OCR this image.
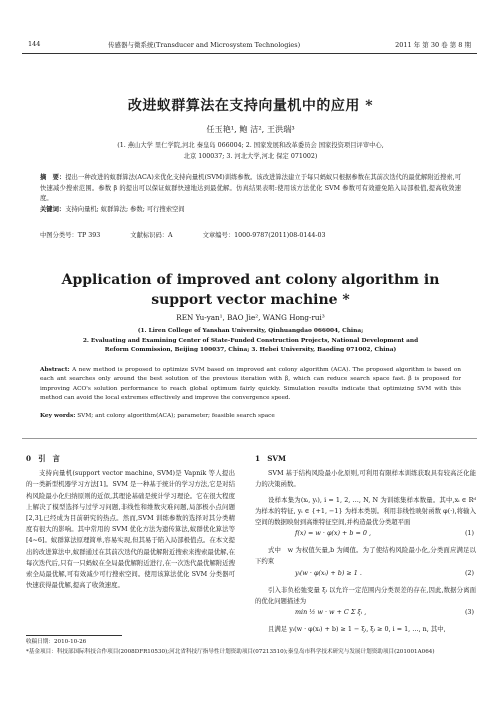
144	传感器与微系统(Transducer and Microsystem Technologies)	2011 年 第 30 卷 第 8 期
改进蚁群算法在支持向量机中的应用 *
任玉艳¹, 鲍 洁², 王洪瑞³
(1. 燕山大学 里仁学院,河北 秦皇岛 066004; 2. 国家发展和改革委员会 国家投资项目评审中心,
北京 100037; 3. 河北大学,河北 保定 071002)
摘　要：提出一种改进的蚁群算法(ACA)来优化支持向量机(SVM)训练参数。该改进算法建立于每只蚂蚁只根据参数在其前次迭代的最优解附近搜索,可快速减少搜索范围。参数 β 的提出可以保证蚁群快速地达到最优解。仿真结果表明:使用该方法优化 SVM 参数可有效避免陷入局部极值,提高收敛速度。
关键词：支持向量机; 蚁群算法; 参数; 可行搜索空间
中图分类号：TP 393	文献标识码：A	文章编号：1000-9787(2011)08-0144-03
Application of improved ant colony algorithm in
support vector machine *
REN Yu-yan¹, BAO Jie², WANG Hong-rui³
(1. Liren College of Yanshan University, Qinhuangdao 066004, China;
2. Evaluating and Examining Center of State-Funded Construction Projects, National Development and
Reform Commission, Beijing 100037, China; 3. Hebei University, Baoding 071002, China)
Abstract: A new method is proposed to optimize SVM based on improved ant colony algorithm (ACA). The proposed algorithm is based on each ant searches only around the best solution of the previous iteration with β, which can reduce search space fast. β is proposed for improving ACO's solution performance to reach global optimum fairly quickly. Simulation results indicate that optimizing SVM with this method can avoid the local extremes effectively and improve the convergence speed.
Key words: SVM; ant colony algorithm(ACA); parameter; feasible search space
0　引　言

支持向量机(support vector machine, SVM)是 Vapnik 等人提出的一类新型机器学习方法[1]。SVM 是一种基于统计的学习方法,它是对结构风险最小化归纳原则的近似,其理论基础是统计学习理论。它在很大程度上解决了模型选择与过学习问题,非线性和维数灾难问题,局部极小点问题[2,3],已经成为目前研究的热点。然而,SVM 训练参数的选择对其分类精度有很大的影响。其中常用的 SVM 优化方法为遗传算法,蚁群优化算法等[4~6]。蚁群算法原理简单,容易实现,但其易于陷入局部极值点。在本文提出的改进算法中,蚁群通过在其前次迭代的最优解附近搜索来搜索最优解,在每次迭代后,只有一只蚂蚁在全局最优解附近进行,在一次迭代最优解附近搜索全局最优解,可有效减少可行搜索空间。使用该算法优化 SVM 分类器可快速获得最优解,提高了收敛速度。

1　SVM

SVM 基于结构风险最小化原则,可利用有限样本训练获取具有较高泛化能力的决策函数。

设样本集为(xᵢ, yᵢ), i = 1, 2, …, N, N 为训练集样本数量。其中,xᵢ ∈ Rᵈ 为样本的特征, yᵢ ∈ {+1, −1} 为样本类别。利用非线性映射函数 φ(·),将输入空间的数据映射到高维特征空间,并构造最优分类超平面

f(x) = w · φ(x) + b = 0 ,	(1)

式中　w 为权值矢量,b 为阈值。为了使结构风险最小化,分类面应满足以下约束

yᵢ(w · φ(xᵢ) + b) ≥ 1 .	(2)

引入非负松弛变量 ξᵢ 以允许一定范围内分类误差的存在,因此,数据分离面的优化问题描述为

min ½ w · w + C Σ ξᵢ ,	(3)

且满足 yᵢ(w · φ(xᵢ) + b) ≥ 1 − ξᵢ, ξᵢ ≥ 0, i = 1, …, n, 其中,

收稿日期：2010-10-26
*基金项目：科技部国际科技合作项目(2008DFR10530);河北省科技厅指导性计划资助项目(07213510);秦皇岛市科学技术研究与发展计划资助项目(201001A064)
